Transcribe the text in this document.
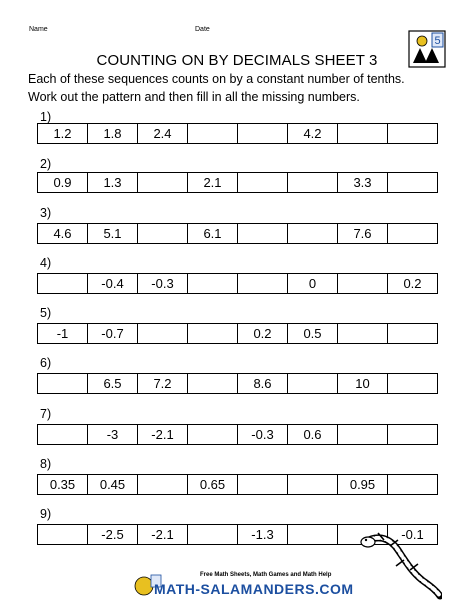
Name	Date
5
COUNTING ON BY DECIMALS SHEET 3
Each of these sequences counts on by a constant number of tenths.
Work out the pattern and then fill in all the missing numbers.
1)
1.2	1.8	2.4	4.2
2)
0.9	1.3	2.1	3.3
3)
4.6	5.1	6.1	7.6
4)
-0.4	-0.3	0	0.2
5)
-1	-0.7	0.2	0.5
6)
6.5	7.2	8.6	10
7)
-3	-2.1	-0.3	0.6
8)
0.35	0.45	0.65	0.95
9)
-2.5	-2.1	-1.3	-0.1
Free Math Sheets, Math Games and Math Help
MATH-SALAMANDERS.COM
